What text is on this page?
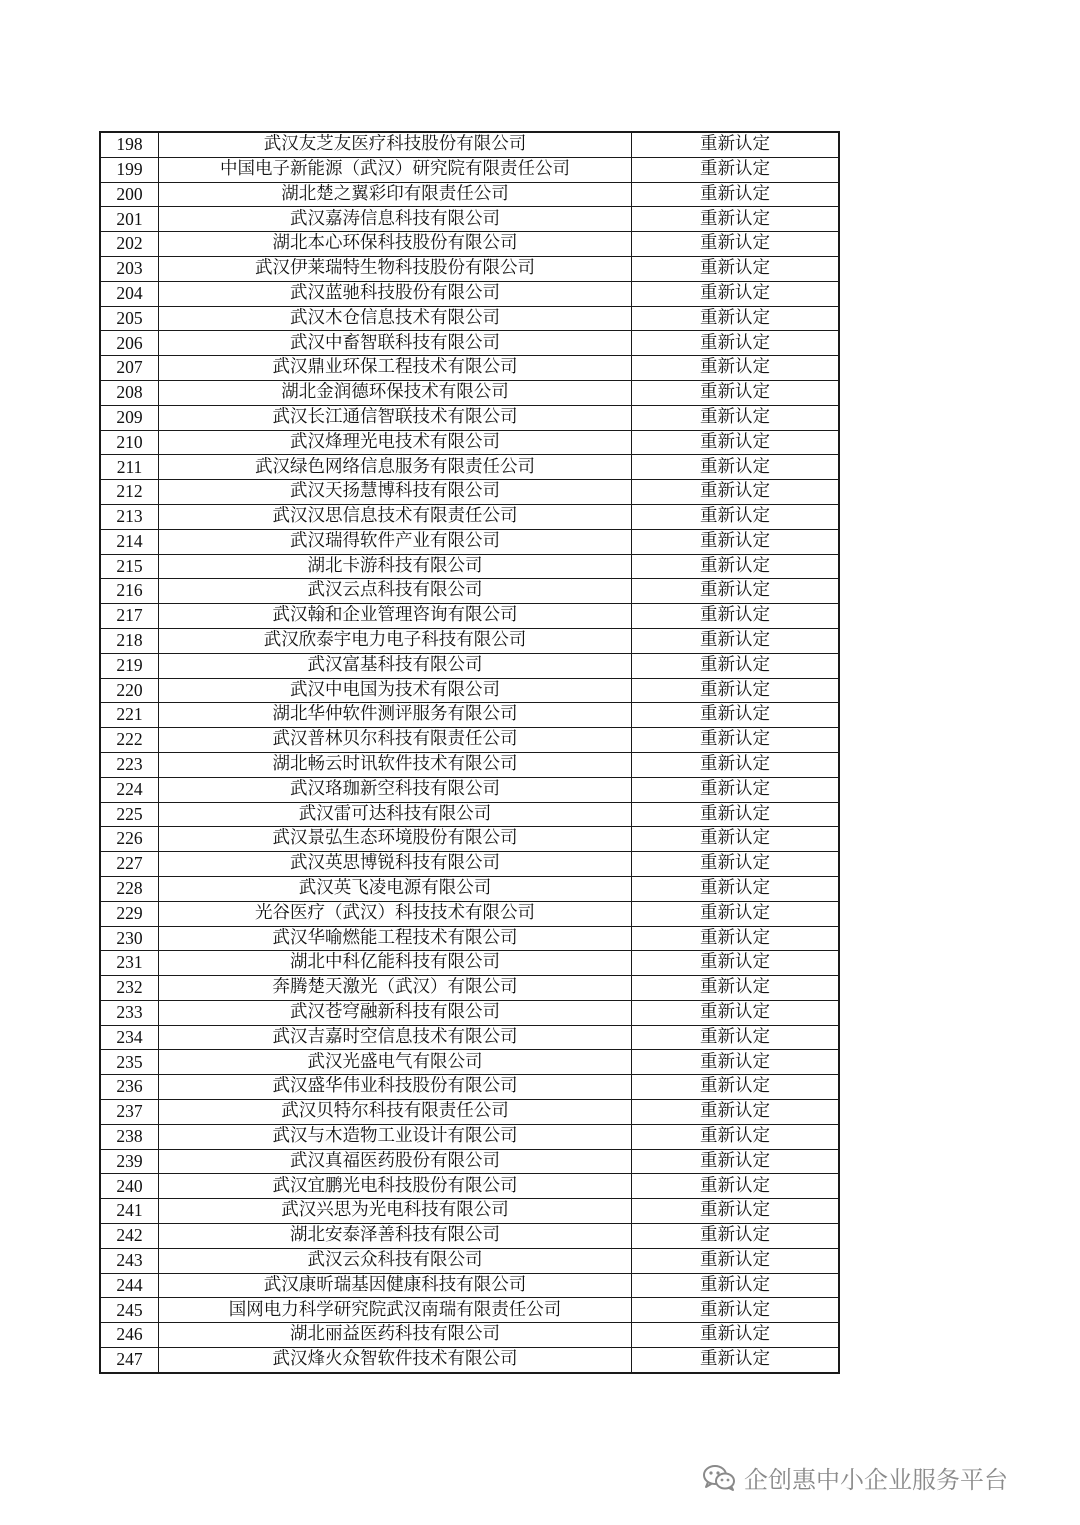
198	武汉友芝友医疗科技股份有限公司	重新认定
199	中国电子新能源（武汉）研究院有限责任公司	重新认定
200	湖北楚之翼彩印有限责任公司	重新认定
201	武汉嘉涛信息科技有限公司	重新认定
202	湖北本心环保科技股份有限公司	重新认定
203	武汉伊莱瑞特生物科技股份有限公司	重新认定
204	武汉蓝驰科技股份有限公司	重新认定
205	武汉木仓信息技术有限公司	重新认定
206	武汉中畜智联科技有限公司	重新认定
207	武汉鼎业环保工程技术有限公司	重新认定
208	湖北金润德环保技术有限公司	重新认定
209	武汉长江通信智联技术有限公司	重新认定
210	武汉烽理光电技术有限公司	重新认定
211	武汉绿色网络信息服务有限责任公司	重新认定
212	武汉天扬慧博科技有限公司	重新认定
213	武汉汉思信息技术有限责任公司	重新认定
214	武汉瑞得软件产业有限公司	重新认定
215	湖北卡游科技有限公司	重新认定
216	武汉云点科技有限公司	重新认定
217	武汉翰和企业管理咨询有限公司	重新认定
218	武汉欣泰宇电力电子科技有限公司	重新认定
219	武汉富基科技有限公司	重新认定
220	武汉中电国为技术有限公司	重新认定
221	湖北华仲软件测评服务有限公司	重新认定
222	武汉普林贝尔科技有限责任公司	重新认定
223	湖北畅云时讯软件技术有限公司	重新认定
224	武汉珞珈新空科技有限公司	重新认定
225	武汉雷可达科技有限公司	重新认定
226	武汉景弘生态环境股份有限公司	重新认定
227	武汉英思博锐科技有限公司	重新认定
228	武汉英飞凌电源有限公司	重新认定
229	光谷医疗（武汉）科技技术有限公司	重新认定
230	武汉华喻燃能工程技术有限公司	重新认定
231	湖北中科亿能科技有限公司	重新认定
232	奔腾楚天激光（武汉）有限公司	重新认定
233	武汉苍穹融新科技有限公司	重新认定
234	武汉吉嘉时空信息技术有限公司	重新认定
235	武汉光盛电气有限公司	重新认定
236	武汉盛华伟业科技股份有限公司	重新认定
237	武汉贝特尔科技有限责任公司	重新认定
238	武汉与木造物工业设计有限公司	重新认定
239	武汉真福医药股份有限公司	重新认定
240	武汉宜鹏光电科技股份有限公司	重新认定
241	武汉兴思为光电科技有限公司	重新认定
242	湖北安泰泽善科技有限公司	重新认定
243	武汉云众科技有限公司	重新认定
244	武汉康昕瑞基因健康科技有限公司	重新认定
245	国网电力科学研究院武汉南瑞有限责任公司	重新认定
246	湖北丽益医药科技有限公司	重新认定
247	武汉烽火众智软件技术有限公司	重新认定
企创惠中小企业服务平台
